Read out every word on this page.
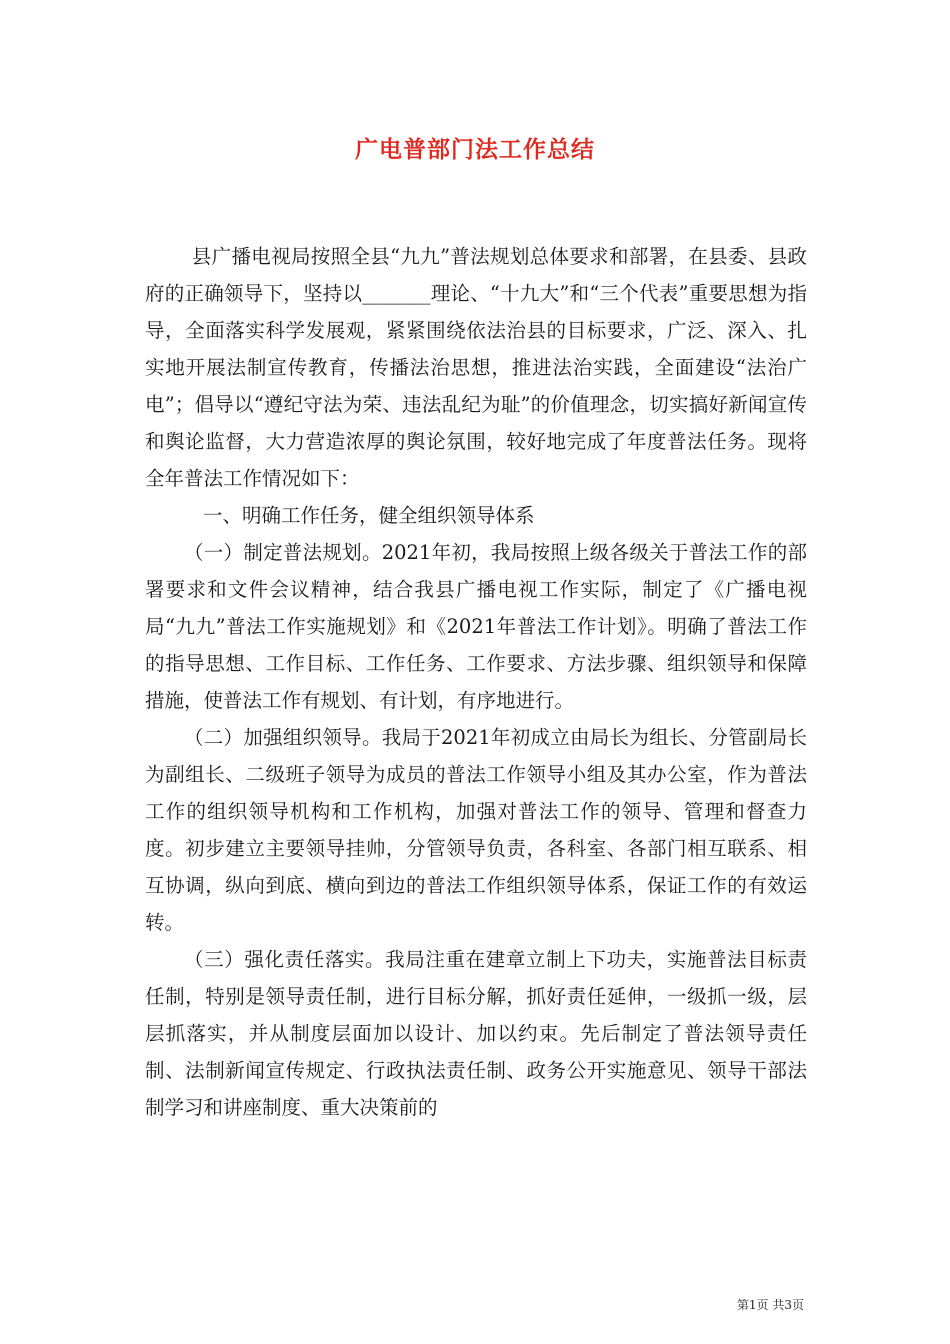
广电普部门法工作总结

县广播电视局按照全县“九九”普法规划总体要求和部署，在县委、县政府的正确领导下，坚持以_______理论、“十九大”和“三个代表”重要思想为指导，全面落实科学发展观，紧紧围绕依法治县的目标要求，广泛、深入、扎实地开展法制宣传教育，传播法治思想，推进法治实践，全面建设“法治广电”；倡导以“遵纪守法为荣、违法乱纪为耻”的价值理念，切实搞好新闻宣传和舆论监督，大力营造浓厚的舆论氛围，较好地完成了年度普法任务。现将全年普法工作情况如下：

一、明确工作任务，健全组织领导体系

（一）制定普法规划。2021年初，我局按照上级各级关于普法工作的部署要求和文件会议精神，结合我县广播电视工作实际，制定了《广播电视局“九九”普法工作实施规划》和《2021年普法工作计划》。明确了普法工作的指导思想、工作目标、工作任务、工作要求、方法步骤、组织领导和保障措施，使普法工作有规划、有计划，有序地进行。

（二）加强组织领导。我局于2021年初成立由局长为组长、分管副局长为副组长、二级班子领导为成员的普法工作领导小组及其办公室，作为普法工作的组织领导机构和工作机构，加强对普法工作的领导、管理和督查力度。初步建立主要领导挂帅，分管领导负责，各科室、各部门相互联系、相互协调，纵向到底、横向到边的普法工作组织领导体系，保证工作的有效运转。

（三）强化责任落实。我局注重在建章立制上下功夫，实施普法目标责任制，特别是领导责任制，进行目标分解，抓好责任延伸，一级抓一级，层层抓落实，并从制度层面加以设计、加以约束。先后制定了普法领导责任制、法制新闻宣传规定、行政执法责任制、政务公开实施意见、领导干部法制学习和讲座制度、重大决策前的

第1页 共3页
